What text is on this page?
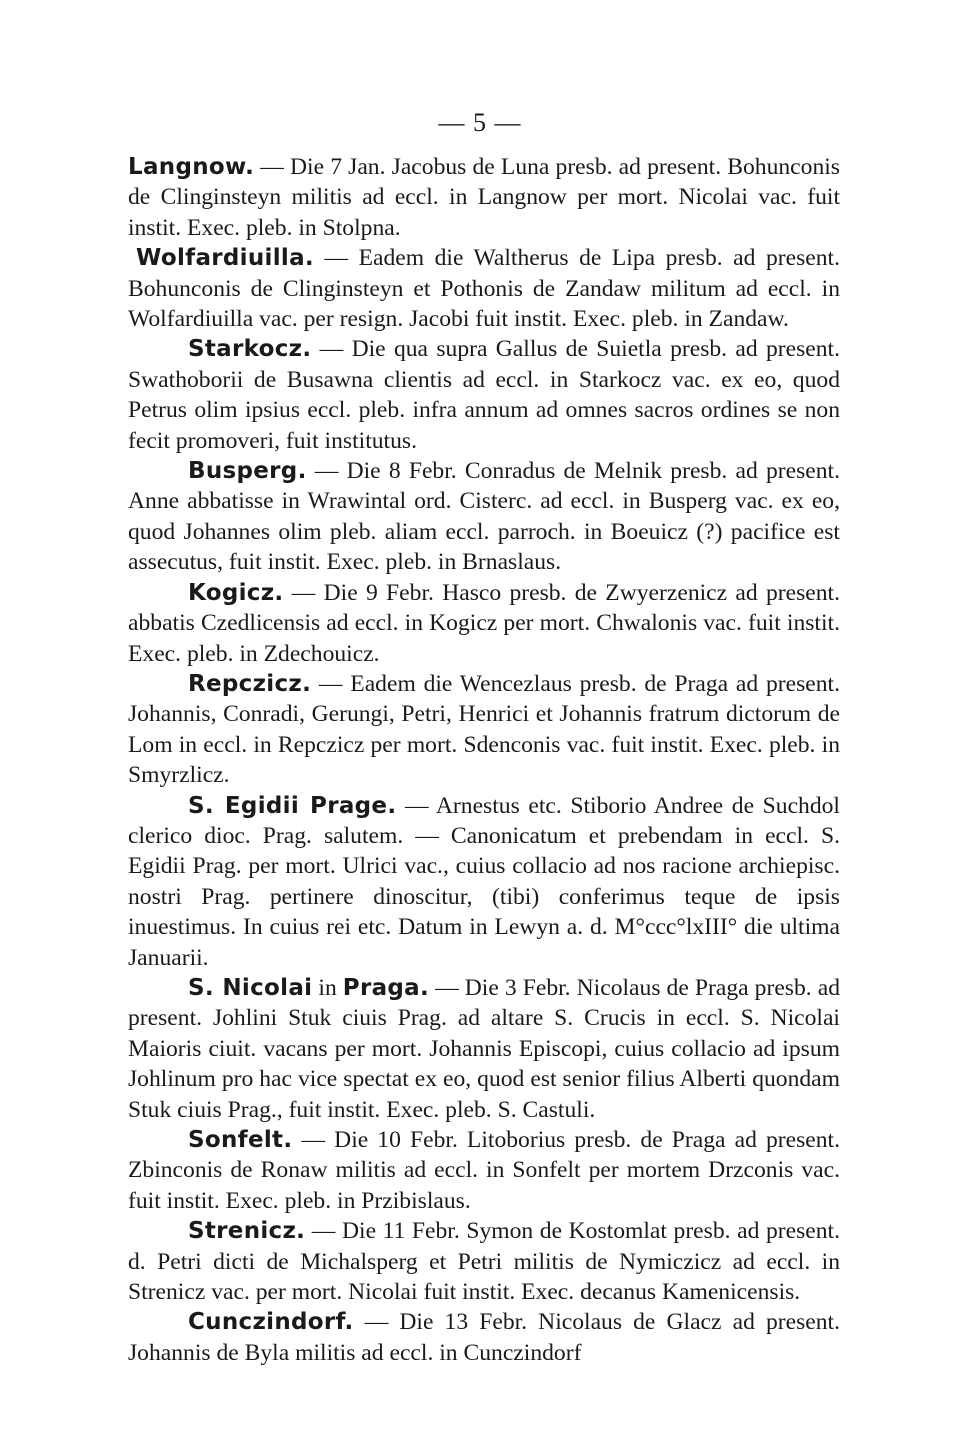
— 5 —

Langnow. — Die 7 Jan. Jacobus de Luna presb. ad present. Bohunconis de Clinginsteyn militis ad eccl. in Langnow per mort. Nicolai vac. fuit instit. Exec. pleb. in Stolpna.

Wolfardiuilla. — Eadem die Waltherus de Lipa presb. ad present. Bohunconis de Clinginsteyn et Pothonis de Zandaw militum ad eccl. in Wolfardiuilla vac. per resign. Jacobi fuit instit. Exec. pleb. in Zandaw.

Starkocz. — Die qua supra Gallus de Suietla presb. ad present. Swathoborii de Busawna clientis ad eccl. in Starkocz vac. ex eo, quod Petrus olim ipsius eccl. pleb. infra annum ad omnes sacros ordines se non fecit promoveri, fuit institutus.

Busperg. — Die 8 Febr. Conradus de Melnik presb. ad present. Anne abbatisse in Wrawintal ord. Cisterc. ad eccl. in Busperg vac. ex eo, quod Johannes olim pleb. aliam eccl. parroch. in Boeuicz (?) pacifice est assecutus, fuit instit. Exec. pleb. in Brnaslaus.

Kogicz. — Die 9 Febr. Hasco presb. de Zwyerzenicz ad present. abbatis Czedlicensis ad eccl. in Kogicz per mort. Chwalonis vac. fuit instit. Exec. pleb. in Zdechouicz.

Repczicz. — Eadem die Wencezlaus presb. de Praga ad present. Johannis, Conradi, Gerungi, Petri, Henrici et Johannis fratrum dictorum de Lom in eccl. in Repczicz per mort. Sdenconis vac. fuit instit. Exec. pleb. in Smyrzlicz.

S. Egidii Prage. — Arnestus etc. Stiborio Andree de Suchdol clerico dioc. Prag. salutem. — Canonicatum et prebendam in eccl. S. Egidii Prag. per mort. Ulrici vac., cuius collacio ad nos racione archiepisc. nostri Prag. pertinere dinoscitur, (tibi) conferimus teque de ipsis inuestimus. In cuius rei etc. Datum in Lewyn a. d. M°ccc°lxIII° die ultima Januarii.

S. Nicolai in Praga. — Die 3 Febr. Nicolaus de Praga presb. ad present. Johlini Stuk ciuis Prag. ad altare S. Crucis in eccl. S. Nicolai Maioris ciuit. vacans per mort. Johannis Episcopi, cuius collacio ad ipsum Johlinum pro hac vice spectat ex eo, quod est senior filius Alberti quondam Stuk ciuis Prag., fuit instit. Exec. pleb. S. Castuli.

Sonfelt. — Die 10 Febr. Litoborius presb. de Praga ad present. Zbinconis de Ronaw militis ad eccl. in Sonfelt per mortem Drzconis vac. fuit instit. Exec. pleb. in Przibislaus.

Strenicz. — Die 11 Febr. Symon de Kostomlat presb. ad present. d. Petri dicti de Michalsperg et Petri militis de Nymiczicz ad eccl. in Strenicz vac. per mort. Nicolai fuit instit. Exec. decanus Kamenicensis.

Cunczindorf. — Die 13 Febr. Nicolaus de Glacz ad present. Johannis de Byla militis ad eccl. in Cunczindorf
